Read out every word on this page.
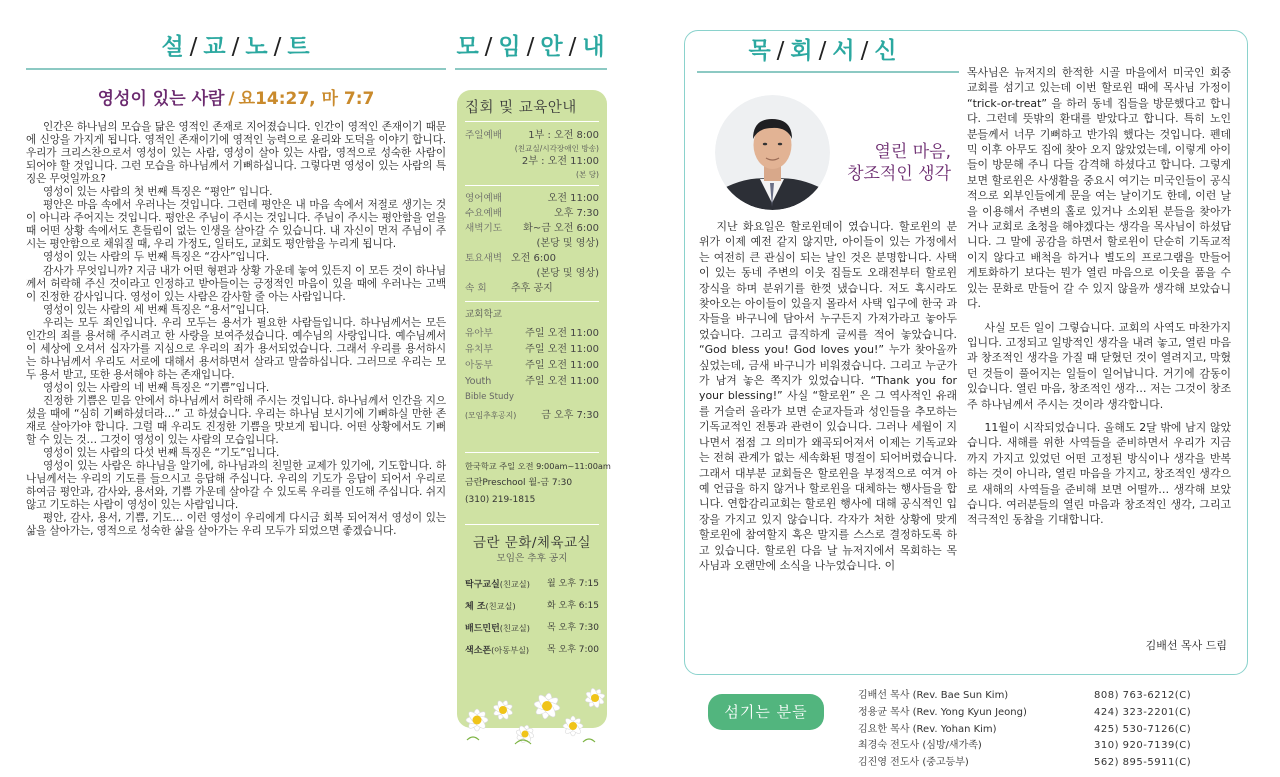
설 / 교 / 노 / 트
영성이 있는 사람 / 요14:27, 마 7:7

인간은 하나님의 모습을 닮은 영적인 존재로 지어졌습니다. 인간이 영적인 존재이기 때문에 신앙을 가지게 됩니다. 영적인 존재이기에 영적인 능력으로 윤리와 도덕을 이야기 합니다. 우리가 크리스찬으로서 영성이 있는 사람, 영성이 살아 있는 사람, 영적으로 성숙한 사람이 되어야 할 것입니다. 그런 모습을 하나님께서 기뻐하십니다. 그렇다면 영성이 있는 사람의 특징은 무엇일까요?

영성이 있는 사람의 첫 번째 특징은 “평안” 입니다.

평안은 마음 속에서 우러나는 것입니다. 그런데 평안은 내 마음 속에서 저절로 생기는 것이 아니라 주어지는 것입니다. 평안은 주님이 주시는 것입니다. 주님이 주시는 평안함을 얻을 때 어떤 상황 속에서도 흔들림이 없는 인생을 살아갈 수 있습니다. 내 자신이 먼저 주님이 주시는 평안함으로 채워질 때, 우리 가정도, 일터도, 교회도 평안함을 누리게 됩니다.

영성이 있는 사람의 두 번째 특징은 “감사”입니다.

감사가 무엇입니까? 지금 내가 어떤 형편과 상황 가운데 놓여 있든지 이 모든 것이 하나님께서 허락해 주신 것이라고 인정하고 받아들이는 긍정적인 마음이 있을 때에 우러나는 고백이 진정한 감사입니다. 영성이 있는 사람은 감사할 줄 아는 사람입니다.

영성이 있는 사람의 세 번째 특징은 “용서”입니다.

우리는 모두 죄인입니다. 우리 모두는 용서가 필요한 사람들입니다. 하나님께서는 모든 인간의 죄를 용서해 주시려고 한 사랑을 보여주셨습니다. 예수님의 사랑입니다. 예수님께서 이 세상에 오셔서 십자가를 지심으로 우리의 죄가 용서되었습니다. 그래서 우리를 용서하시는 하나님께서 우리도 서로에 대해서 용서하면서 살라고 말씀하십니다. 그러므로 우리는 모두 용서 받고, 또한 용서해야 하는 존재입니다.

영성이 있는 사람의 네 번째 특징은 “기쁨”입니다.

진정한 기쁨은 믿음 안에서 하나님께서 허락해 주시는 것입니다. 하나님께서 인간을 지으셨을 때에 “심히 기뻐하셨더라…” 고 하셨습니다. 우리는 하나님 보시기에 기뻐하실 만한 존재로 살아가야 합니다. 그럴 때 우리도 진정한 기쁨을 맛보게 됩니다. 어떤 상황에서도 기뻐할 수 있는 것… 그것이 영성이 있는 사람의 모습입니다.

영성이 있는 사람의 다섯 번째 특징은 “기도”입니다.

영성이 있는 사람은 하나님을 알기에, 하나님과의 친밀한 교제가 있기에, 기도합니다. 하나님께서는 우리의 기도를 들으시고 응답해 주십니다. 우리의 기도가 응답이 되어서 우리로 하여금 평안과, 감사와, 용서와, 기쁨 가운데 살아갈 수 있도록 우리를 인도해 주십니다. 쉬지 않고 기도하는 사람이 영성이 있는 사람입니다.

평안, 감사, 용서, 기쁨, 기도… 이런 영성이 우리에게 다시금 회복 되어져서 영성이 있는 삶을 살아가는, 영적으로 성숙한 삶을 살아가는 우리 모두가 되었으면 좋겠습니다.

모 / 임 / 안 / 내
집회 및 교육안내
주일예배	1부 : 오전 8:00
(친교실/시각장애인 방송)
2부 : 오전 11:00
(본 당)
영어예배	오전 11:00
수요예배	오후 7:30
새벽기도	화~금 오전 6:00
(본당 및 영상)
토요새벽 오전 6:00
(본당 및 영상)
속 회	추후 공지
교회학교
유아부	주일 오전 11:00
유치부	주일 오전 11:00
아동부	주일 오전 11:00
Youth	주일 오전 11:00
Bible Study
(모임추후공지)	금 오후 7:30
한국학교 주일 오전 9:00am~11:00am
금란Preschool 월-금 7:30
(310) 219-1815
금란 문화/체육교실
모임은 추후 공지
탁구교실(친교실) 월 오후 7:15
체 조(친교실)	화 오후 6:15
배드민턴(친교실) 목 오후 7:30
색소폰(아동부실) 목 오후 7:00
목 / 회 / 서 / 신
열린 마음,
창조적인 생각

지난 화요일은 할로윈데이 였습니다. 할로윈의 분위가 이제 예전 같지 않지만, 아이들이 있는 가정에서는 여전히 큰 관심이 되는 날인 것은 분명합니다. 사택이 있는 동네 주변의 이웃 집들도 오래전부터 할로윈 장식을 하며 분위기를 한껏 냈습니다. 저도 혹시라도 찾아오는 아이들이 있을지 몰라서 사택 입구에 한국 과자들을 바구니에 담아서 누구든지 가져가라고 놓아두었습니다. 그리고 큼직하게 글씨를 적어 놓았습니다. “God bless you! God loves you!” 누가 찾아올까 싶었는데, 금새 바구니가 비워졌습니다. 그리고 누군가가 남겨 놓은 쪽지가 있었습니다. “Thank you for your blessing!” 사실 “할로윈” 은 그 역사적인 유래를 거슬러 올라가 보면 순교자들과 성인들을 추모하는 기독교적인 전통과 관련이 있습니다. 그러나 세월이 지나면서 점점 그 의미가 왜곡되어져서 이제는 기독교와는 전혀 관계가 없는 세속화된 명절이 되어버렸습니다. 그래서 대부분 교회들은 할로윈을 부정적으로 여겨 아예 언급을 하지 않거나 할로윈을 대체하는 행사들을 합니다. 연합감리교회는 할로윈 행사에 대해 공식적인 입장을 가지고 있지 않습니다. 각자가 처한 상황에 맞게 할로윈에 참여할지 혹은 말지를 스스로 결정하도록 하고 있습니다. 할로윈 다음 날 뉴저지에서 목회하는 목사님과 오랜만에 소식을 나누었습니다. 이

목사님은 뉴저지의 한적한 시골 마을에서 미국인 회중 교회를 섬기고 있는데 이번 할로윈 때에 목사님 가정이 “trick-or-treat” 을 하러 동네 집들을 방문했다고 합니다. 그런데 뜻밖의 환대를 받았다고 합니다. 특히 노인 분들께서 너무 기뻐하고 반가워 했다는 것입니다. 펜데믹 이후 아무도 집에 찾아 오지 않았었는데, 이렇게 아이들이 방문해 주니 다들 감격해 하셨다고 합니다. 그렇게 보면 할로윈은 사생활을 중요시 여기는 미국인들이 공식적으로 외부인들에게 문을 여는 날이기도 한데, 이런 날을 이용해서 주변의 홀로 있거나 소외된 분들을 찾아가거나 교회로 초청을 해야겠다는 생각을 목사님이 하셨답니다. 그 말에 공감을 하면서 할로윈이 단순히 기독교적이지 않다고 배척을 하거나 별도의 프로그램을 만들어 게토화하기 보다는 뭔가 열린 마음으로 이웃을 품을 수 있는 문화로 만들어 갈 수 있지 않을까 생각해 보았습니다.

사실 모든 일이 그렇습니다. 교회의 사역도 마찬가지 입니다. 고정되고 일방적인 생각을 내려 놓고, 열린 마음과 창조적인 생각을 가질 때 닫혔던 것이 열려지고, 막혔던 것들이 풀어지는 일들이 일어납니다. 거기에 감동이 있습니다. 열린 마음, 창조적인 생각… 저는 그것이 창조주 하나님께서 주시는 것이라 생각합니다.

11월이 시작되었습니다. 올해도 2달 밖에 남지 않았습니다. 새해를 위한 사역들을 준비하면서 우리가 지금까지 가지고 있었던 어떤 고정된 방식이나 생각을 반복하는 것이 아니라, 열린 마음을 가지고, 창조적인 생각으로 새해의 사역들을 준비해 보면 어떨까… 생각해 보았습니다. 여러분들의 열린 마음과 창조적인 생각, 그리고 적극적인 동참을 기대합니다.

김배선 목사 드림
섬기는 분들
김배선 목사 (Rev. Bae Sun Kim)	808) 763-6212(C)
정용균 목사 (Rev. Yong Kyun Jeong)	424) 323-2201(C)
김요한 목사 (Rev. Yohan Kim)	425) 530-7126(C)
최경숙 전도사 (심방/새가족)	310) 920-7139(C)
김진영 전도사 (중고등부)	562) 895-5911(C)
